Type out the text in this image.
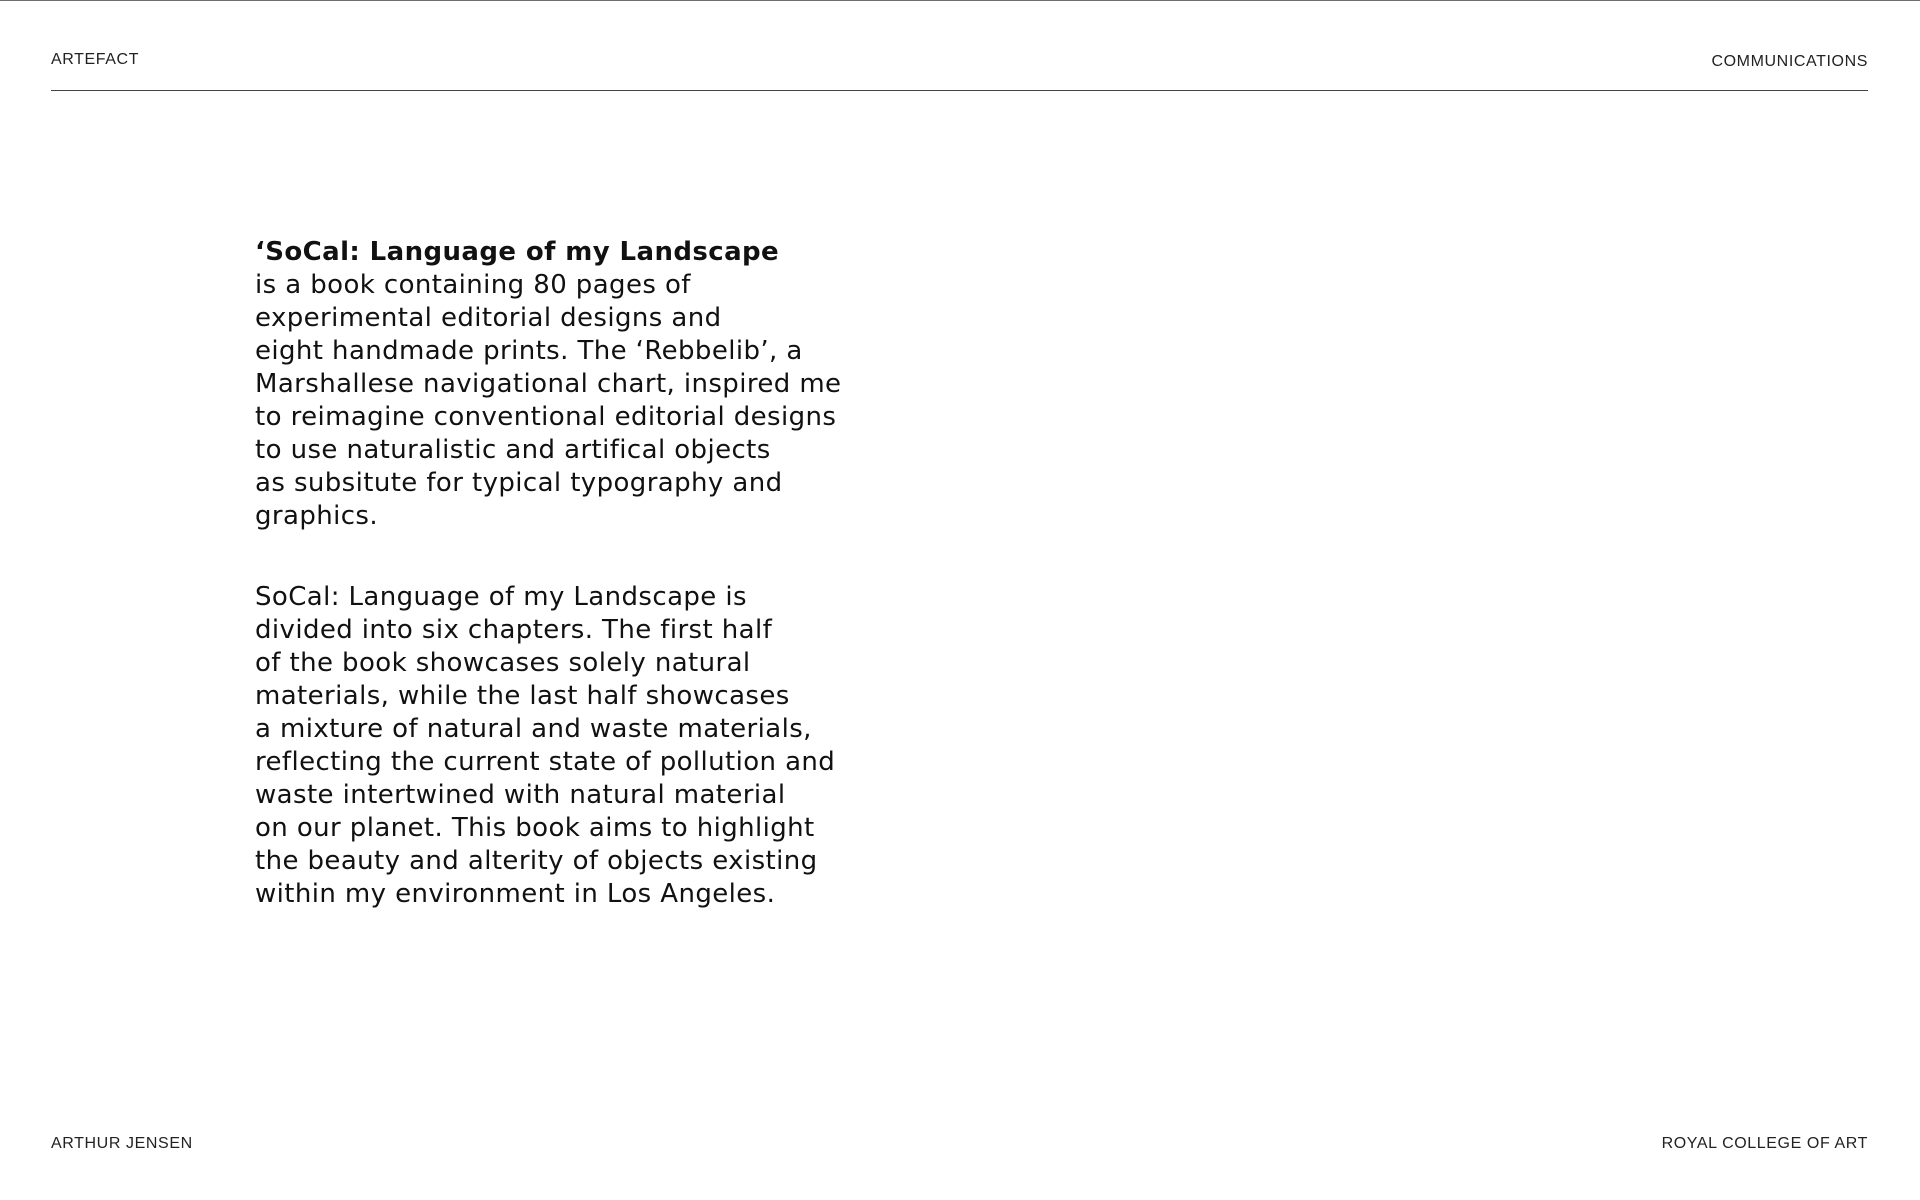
ARTEFACT	COMMUNICATIONS

‘SoCal: Language of my Landscape
is a book containing 80 pages of
experimental editorial designs and
eight handmade prints. The ‘Rebbelib’, a
Marshallese navigational chart, inspired me
to reimagine conventional editorial designs
to use naturalistic and artifical objects
as subsitute for typical typography and
graphics.

SoCal: Language of my Landscape is
divided into six chapters. The first half
of the book showcases solely natural
materials, while the last half showcases
a mixture of natural and waste materials,
reflecting the current state of pollution and
waste intertwined with natural material
on our planet. This book aims to highlight
the beauty and alterity of objects existing
within my environment in Los Angeles.

ARTHUR JENSEN	ROYAL COLLEGE OF ART
